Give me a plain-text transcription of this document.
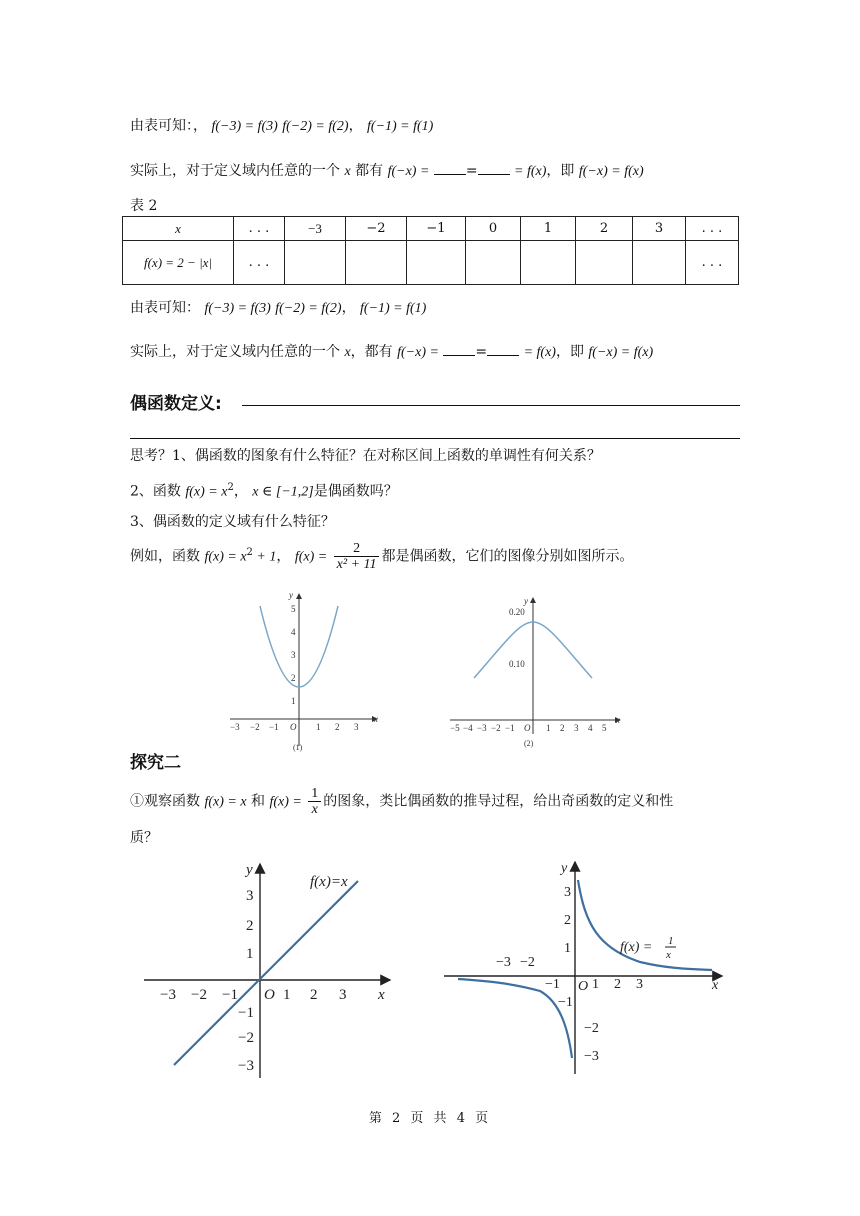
由表可知：， f(−3) = f(3) f(−2) = f(2)， f(−1) = f(1)
实际上，对于定义域内任意的一个 x 都有 f(−x) =	=	= f(x)，即 f(−x) = f(x)
表 2
x	. . .	−3	−2	−1	0	1	2	3	. . .
f(x) = 2 − |x|	. . .								. . .
由表可知： f(−3) = f(3) f(−2) = f(2)， f(−1) = f(1)
实际上，对于定义域内任意的一个 x，都有 f(−x) =	=	= f(x)，即 f(−x) = f(x)
偶函数定义:
思考？1、偶函数的图象有什么特征？在对称区间上函数的单调性有何关系？
2、函数 $f(x) = x^2$， x ∈ [−1,2]是偶函数吗？
3、偶函数的定义域有什么特征？
例如，函数 $f(x) = x^2 + 1$， $f(x) = \frac{2}{\text{x² + 11}}$ 都是偶函数，它们的图像分别如图所示。
y
x
O
−3 −2 −1	1 2 3
1
2
3
4
5
(1)
y
x
O
−5 −4 −3 −2 −1	1 2 3 4 5
0.10
0.20
(2)
探究二
①观察函数 f(x) = x 和 $f(x) = \frac{1}{x}$ 的图象，类比偶函数的推导过程，给出奇函数的定义和性
质？
y
x
O
f(x)=x
−3 −2 −1	1 2 3
3
2
1
−1
−2
−3
y
x
O
−3 −2
−1 1 2 3
3
2
1
−1
−2
−3
f(x) = 1
x
第 2 页 共 4 页
